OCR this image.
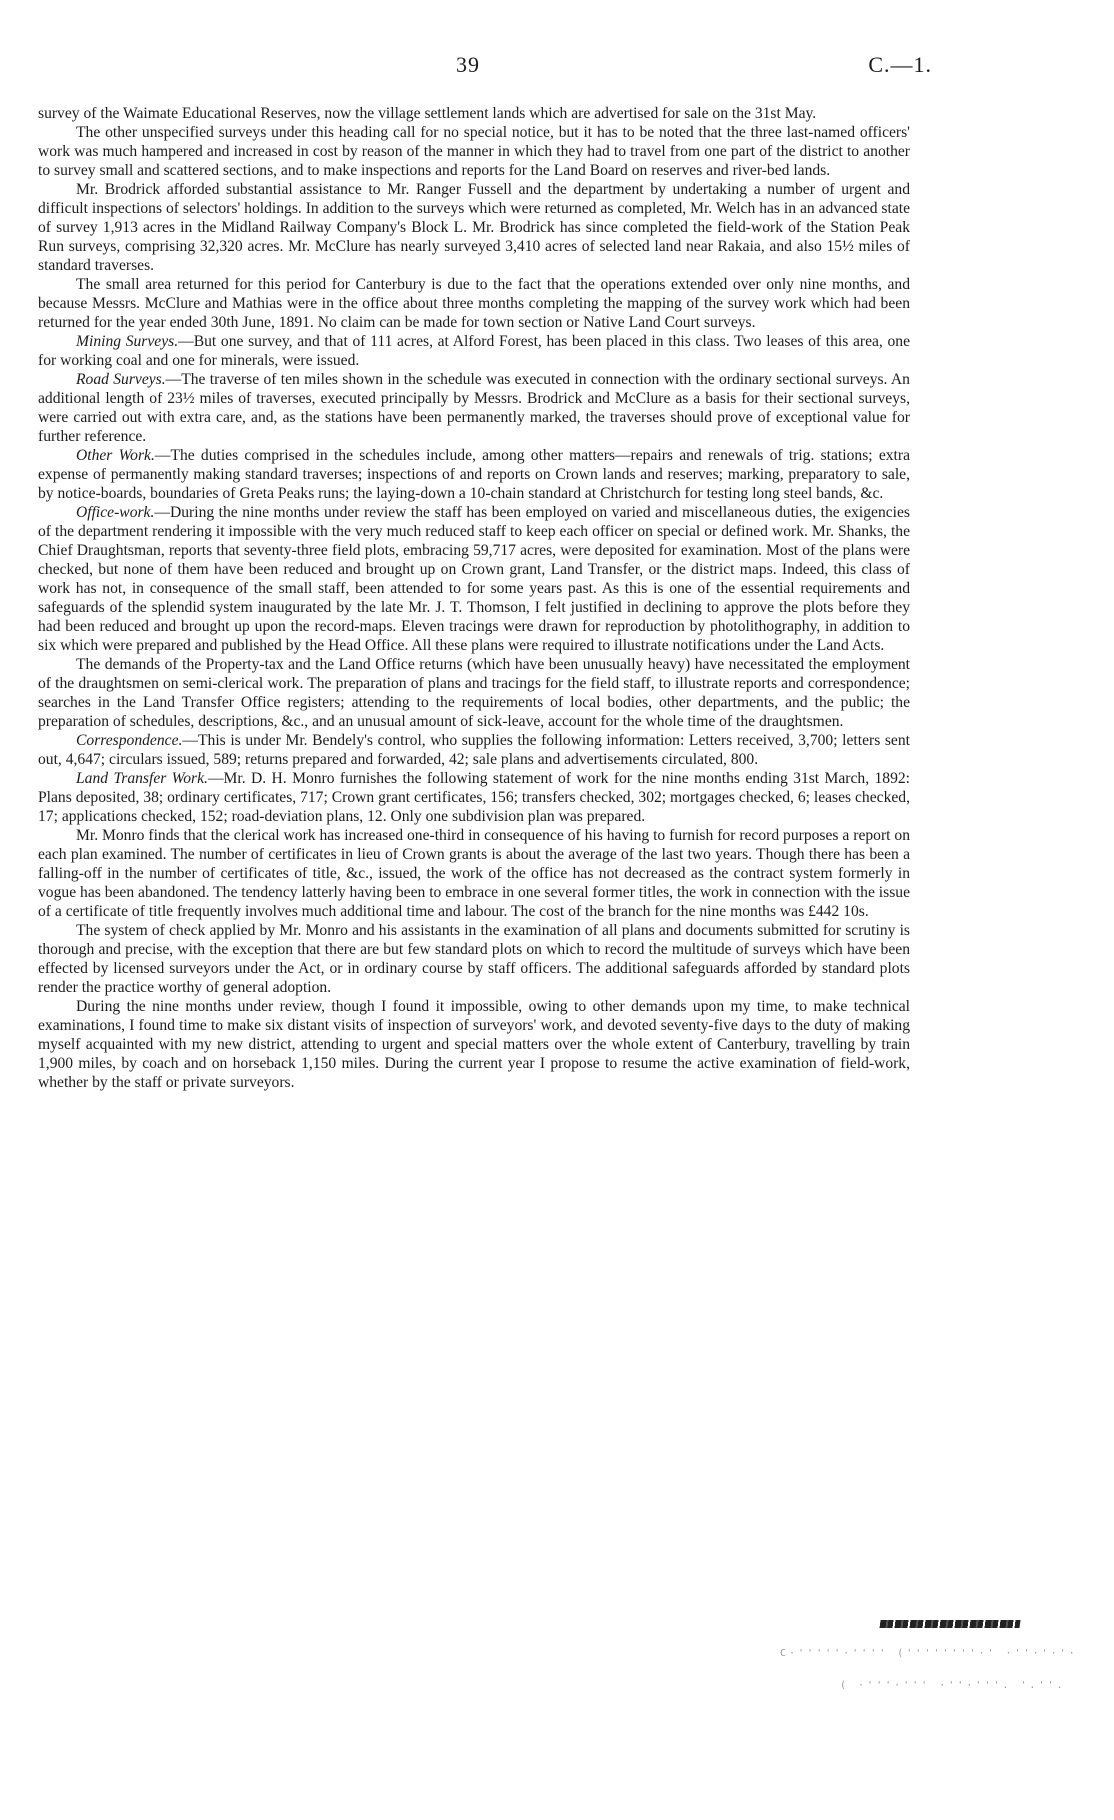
39	C.—1.

survey of the Waimate Educational Reserves, now the village settlement lands which are advertised for sale on the 31st May.

The other unspecified surveys under this heading call for no special notice, but it has to be noted that the three last-named officers' work was much hampered and increased in cost by reason of the manner in which they had to travel from one part of the district to another to survey small and scattered sections, and to make inspections and reports for the Land Board on reserves and river-bed lands.

Mr. Brodrick afforded substantial assistance to Mr. Ranger Fussell and the department by undertaking a number of urgent and difficult inspections of selectors' holdings. In addition to the surveys which were returned as completed, Mr. Welch has in an advanced state of survey 1,913 acres in the Midland Railway Company's Block L. Mr. Brodrick has since completed the field-work of the Station Peak Run surveys, comprising 32,320 acres. Mr. McClure has nearly surveyed 3,410 acres of selected land near Rakaia, and also 15½ miles of standard traverses.

The small area returned for this period for Canterbury is due to the fact that the operations extended over only nine months, and because Messrs. McClure and Mathias were in the office about three months completing the mapping of the survey work which had been returned for the year ended 30th June, 1891. No claim can be made for town section or Native Land Court surveys.

Mining Surveys.—But one survey, and that of 111 acres, at Alford Forest, has been placed in this class. Two leases of this area, one for working coal and one for minerals, were issued.

Road Surveys.—The traverse of ten miles shown in the schedule was executed in connection with the ordinary sectional surveys. An additional length of 23½ miles of traverses, executed principally by Messrs. Brodrick and McClure as a basis for their sectional surveys, were carried out with extra care, and, as the stations have been permanently marked, the traverses should prove of exceptional value for further reference.

Other Work.—The duties comprised in the schedules include, among other matters—repairs and renewals of trig. stations; extra expense of permanently making standard traverses; inspections of and reports on Crown lands and reserves; marking, preparatory to sale, by notice-boards, boundaries of Greta Peaks runs; the laying-down a 10-chain standard at Christchurch for testing long steel bands, &c.

Office-work.—During the nine months under review the staff has been employed on varied and miscellaneous duties, the exigencies of the department rendering it impossible with the very much reduced staff to keep each officer on special or defined work. Mr. Shanks, the Chief Draughtsman, reports that seventy-three field plots, embracing 59,717 acres, were deposited for examination. Most of the plans were checked, but none of them have been reduced and brought up on Crown grant, Land Transfer, or the district maps. Indeed, this class of work has not, in consequence of the small staff, been attended to for some years past. As this is one of the essential requirements and safeguards of the splendid system inaugurated by the late Mr. J. T. Thomson, I felt justified in declining to approve the plots before they had been reduced and brought up upon the record-maps. Eleven tracings were drawn for reproduction by photolithography, in addition to six which were prepared and published by the Head Office. All these plans were required to illustrate notifications under the Land Acts.

The demands of the Property-tax and the Land Office returns (which have been unusually heavy) have necessitated the employment of the draughtsmen on semi-clerical work. The preparation of plans and tracings for the field staff, to illustrate reports and correspondence; searches in the Land Transfer Office registers; attending to the requirements of local bodies, other departments, and the public; the preparation of schedules, descriptions, &c., and an unusual amount of sick-leave, account for the whole time of the draughtsmen.

Correspondence.—This is under Mr. Bendely's control, who supplies the following information: Letters received, 3,700; letters sent out, 4,647; circulars issued, 589; returns prepared and forwarded, 42; sale plans and advertisements circulated, 800.

Land Transfer Work.—Mr. D. H. Monro furnishes the following statement of work for the nine months ending 31st March, 1892: Plans deposited, 38; ordinary certificates, 717; Crown grant certificates, 156; transfers checked, 302; mortgages checked, 6; leases checked, 17; applications checked, 152; road-deviation plans, 12. Only one subdivision plan was prepared.

Mr. Monro finds that the clerical work has increased one-third in consequence of his having to furnish for record purposes a report on each plan examined. The number of certificates in lieu of Crown grants is about the average of the last two years. Though there has been a falling-off in the number of certificates of title, &c., issued, the work of the office has not decreased as the contract system formerly in vogue has been abandoned. The tendency latterly having been to embrace in one several former titles, the work in connection with the issue of a certificate of title frequently involves much additional time and labour. The cost of the branch for the nine months was £442 10s.

The system of check applied by Mr. Monro and his assistants in the examination of all plans and documents submitted for scrutiny is thorough and precise, with the exception that there are but few standard plots on which to record the multitude of surveys which have been effected by licensed surveyors under the Act, or in ordinary course by staff officers. The additional safeguards afforded by standard plots render the practice worthy of general adoption.

During the nine months under review, though I found it impossible, owing to other demands upon my time, to make technical examinations, I found time to make six distant visits of inspection of surveyors' work, and devoted seventy-five days to the duty of making myself acquainted with my new district, attending to urgent and special matters over the whole extent of Canterbury, travelling by train 1,900 miles, by coach and on horseback 1,150 miles. During the current year I propose to resume the active examination of field-work, whether by the staff or private surveyors.

C·'''''·'''' (''''''''·' ·''·'·'·
( ·'''·''' ·''·'''. '.''.
